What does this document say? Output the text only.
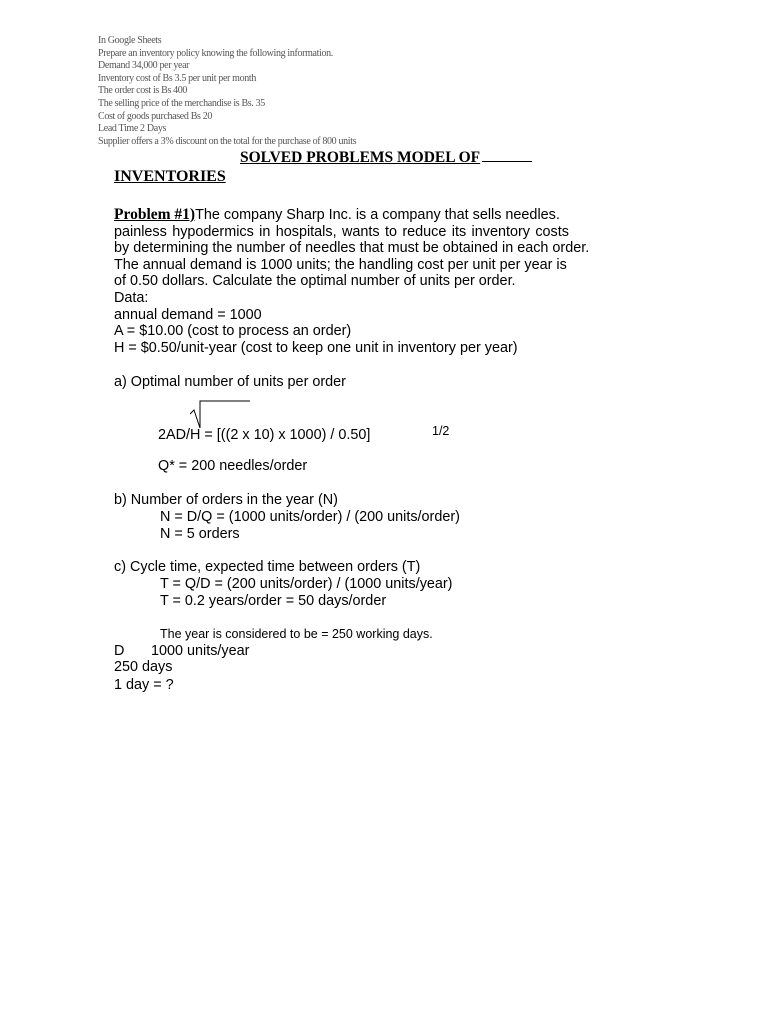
In Google Sheets
Prepare an inventory policy knowing the following information.
Demand 34,000 per year
Inventory cost of Bs 3.5 per unit per month
The order cost is Bs 400
The selling price of the merchandise is Bs. 35
Cost of goods purchased Bs 20
Lead Time 2 Days
Supplier offers a 3% discount on the total for the purchase of 800 units
SOLVED PROBLEMS MODEL OF
INVENTORIES
Problem #1)The company Sharp Inc. is a company that sells needles.
painless hypodermics in hospitals, wants to reduce its inventory costs
by determining the number of needles that must be obtained in each order.
The annual demand is 1000 units; the handling cost per unit per year is
of 0.50 dollars. Calculate the optimal number of units per order.
Data:
annual demand = 1000
A = $10.00 (cost to process an order)
H = $0.50/unit-year (cost to keep one unit in inventory per year)
a) Optimal number of units per order
2AD/H = [((2 x 10) x 1000) / 0.50]	1/2
Q* = 200 needles/order
b) Number of orders in the year (N)
N = D/Q = (1000 units/order) / (200 units/order)
N = 5 orders
c) Cycle time, expected time between orders (T)
T = Q/D = (200 units/order) / (1000 units/year)
T = 0.2 years/order = 50 days/order
The year is considered to be = 250 working days.
D 1000 units/year
250 days
1 day = ?
